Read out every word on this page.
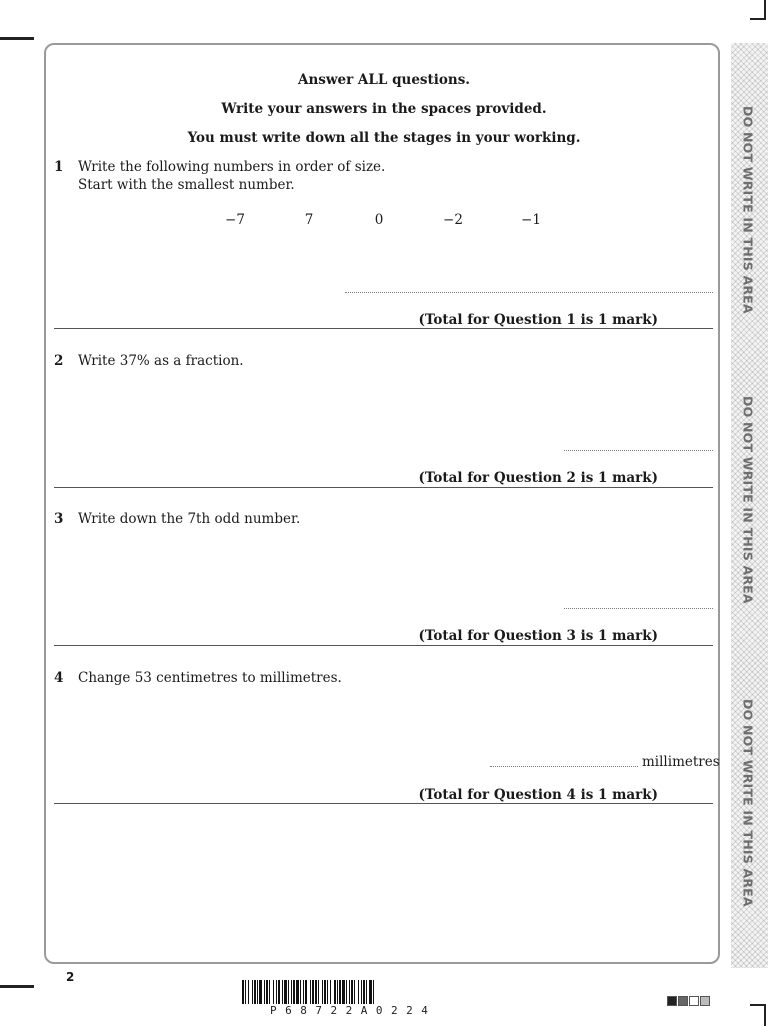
DO NOT WRITE IN THIS AREA
DO NOT WRITE IN THIS AREA
DO NOT WRITE IN THIS AREA
Answer ALL questions.
Write your answers in the spaces provided.
You must write down all the stages in your working.
1 Write the following numbers in order of size.
Start with the smallest number.
−7	7	0	−2	−1
(Total for Question 1 is 1 mark)
2 Write 37% as a fraction.
(Total for Question 2 is 1 mark)
3 Write down the 7th odd number.
(Total for Question 3 is 1 mark)
4 Change 53 centimetres to millimetres.
millimetres
(Total for Question 4 is 1 mark)
2
P68722A0224
